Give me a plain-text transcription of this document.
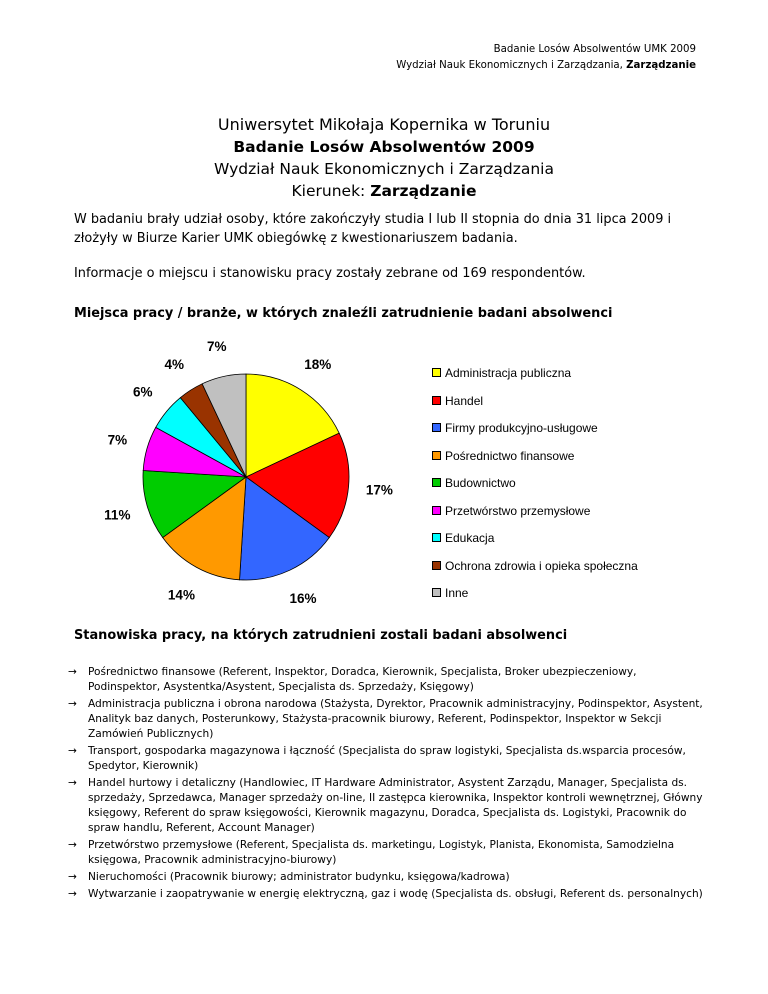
Badanie Losów Absolwentów UMK 2009
Wydział Nauk Ekonomicznych i Zarządzania, Zarządzanie
Uniwersytet Mikołaja Kopernika w Toruniu
Badanie Losów Absolwentów 2009
Wydział Nauk Ekonomicznych i Zarządzania
Kierunek: Zarządzanie
W badaniu brały udział osoby, które zakończyły studia I lub II stopnia do dnia 31 lipca 2009 i złożyły w Biurze Karier UMK obiegówkę z kwestionariuszem badania.
Informacje o miejscu i stanowisku pracy zostały zebrane od 169 respondentów.
Miejsca pracy / branże, w których znaleźli zatrudnienie badani absolwenci
18%
17%
16%
14%
11%
7%
6%
4%
7%
Administracja publiczna
Handel
Firmy produkcyjno-usługowe
Pośrednictwo finansowe
Budownictwo
Przetwórstwo przemysłowe
Edukacja
Ochrona zdrowia i opieka społeczna
Inne
Stanowiska pracy, na których zatrudnieni zostali badani absolwenci
→ Pośrednictwo finansowe (Referent, Inspektor, Doradca, Kierownik, Specjalista, Broker ubezpieczeniowy, Podinspektor, Asystentka/Asystent, Specjalista ds. Sprzedaży, Księgowy)
→ Administracja publiczna i obrona narodowa (Stażysta, Dyrektor, Pracownik administracyjny, Podinspektor, Asystent, Analityk baz danych, Posterunkowy, Stażysta-pracownik biurowy, Referent, Podinspektor, Inspektor w Sekcji Zamówień Publicznych)
→ Transport, gospodarka magazynowa i łączność (Specjalista do spraw logistyki, Specjalista ds.wsparcia procesów, Spedytor, Kierownik)
→ Handel hurtowy i detaliczny (Handlowiec, IT Hardware Administrator, Asystent Zarządu, Manager, Specjalista ds. sprzedaży, Sprzedawca, Manager sprzedaży on-line, II zastępca kierownika, Inspektor kontroli wewnętrznej, Główny księgowy, Referent do spraw księgowości, Kierownik magazynu, Doradca, Specjalista ds. Logistyki, Pracownik do spraw handlu, Referent, Account Manager)
→ Przetwórstwo przemysłowe (Referent, Specjalista ds. marketingu, Logistyk, Planista, Ekonomista, Samodzielna księgowa, Pracownik administracyjno-biurowy)
→ Nieruchomości (Pracownik biurowy; administrator budynku, księgowa/kadrowa)
→ Wytwarzanie i zaopatrywanie w energię elektryczną, gaz i wodę (Specjalista ds. obsługi, Referent ds. personalnych)
